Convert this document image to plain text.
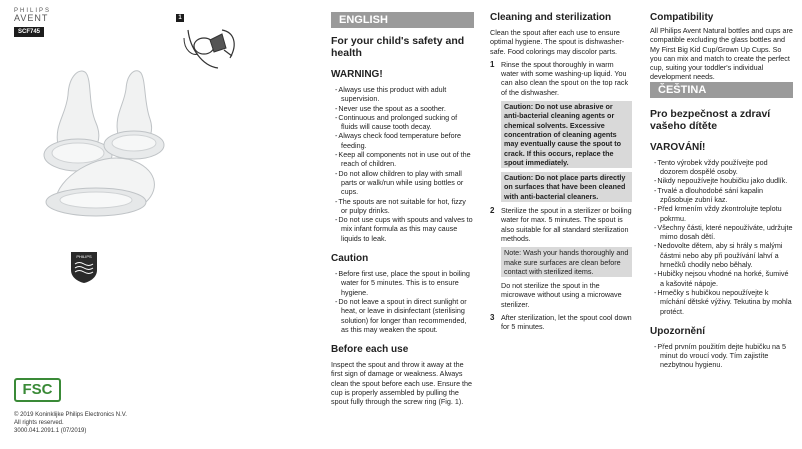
PHILIPS
AVENT
SCF745
1
PHILIPS
FSC
© 2019 Koninklijke Philips Electronics N.V.
All rights reserved.
3000.041.2091.1 (07/2019)
ENGLISH
For your child's safety and health
WARNING!
- Always use this product with adult supervision.
- Never use the spout as a soother.
- Continuous and prolonged sucking of fluids will cause tooth decay.
- Always check food temperature before feeding.
- Keep all components not in use out of the reach of children.
- Do not allow children to play with small parts or walk/run while using bottles or cups.
- The spouts are not suitable for hot, fizzy or pulpy drinks.
- Do not use cups with spouts and valves to mix infant formula as this may cause liquids to leak.
Caution
- Before first use, place the spout in boiling water for 5 minutes. This is to ensure hygiene.
- Do not leave a spout in direct sunlight or heat, or leave in disinfectant (sterilising solution) for longer than recommended, as this may weaken the spout.
Before each use

Inspect the spout and throw it away at the first sign of damage or weakness. Always clean the spout before each use. Ensure the cup is properly assembled by pulling the spout fully through the screw ring (Fig. 1).

Cleaning and sterilization

Clean the spout after each use to ensure optimal hygiene. The spout is dishwasher-safe. Food colorings may discolor parts.

1 Rinse the spout thoroughly in warm water with some washing-up liquid. You can also clean the spout on the top rack of the dishwasher.
Caution: Do not use abrasive or anti-bacterial cleaning agents or chemical solvents. Excessive concentration of cleaning agents may eventually cause the spout to crack. If this occurs, replace the spout immediately.
Caution: Do not place parts directly on surfaces that have been cleaned with anti-bacterial cleaners.
2 Sterilize the spout in a sterilizer or boiling water for max. 5 minutes. The spout is also suitable for all standard sterilization methods.
Note: Wash your hands thoroughly and make sure surfaces are clean before contact with sterilized items.

Do not sterilize the spout in the microwave without using a microwave sterilizer.

3 After sterilization, let the spout cool down for 5 minutes.
Compatibility

All Philips Avent Natural bottles and cups are compatible excluding the glass bottles and My First Big Kid Cup/Grown Up Cups. So you can mix and match to create the perfect cup, suiting your toddler's individual development needs.

ČEŠTINA
Pro bezpečnost a zdraví vašeho dítěte
VAROVÁNÍ!
- Tento výrobek vždy používejte pod dozorem dospělé osoby.
- Nikdy nepoužívejte houbičku jako dudlík.
- Trvalé a dlouhodobé sání kapalin způsobuje zubní kaz.
- Před krmením vždy zkontrolujte teplotu pokrmu.
- Všechny části, které nepoužíváte, udržujte mimo dosah dětí.
- Nedovolte dětem, aby si hrály s malými částmi nebo aby při používání lahví a hrnečků chodily nebo běhaly.
- Hubičky nejsou vhodné na horké, šumivé a kašovité nápoje.
- Hrnečky s hubičkou nepoužívejte k míchání dětské výživy. Tekutina by mohla protéct.
Upozornění
- Před prvním použitím dejte hubičku na 5 minut do vroucí vody. Tím zajistíte nezbytnou hygienu.
